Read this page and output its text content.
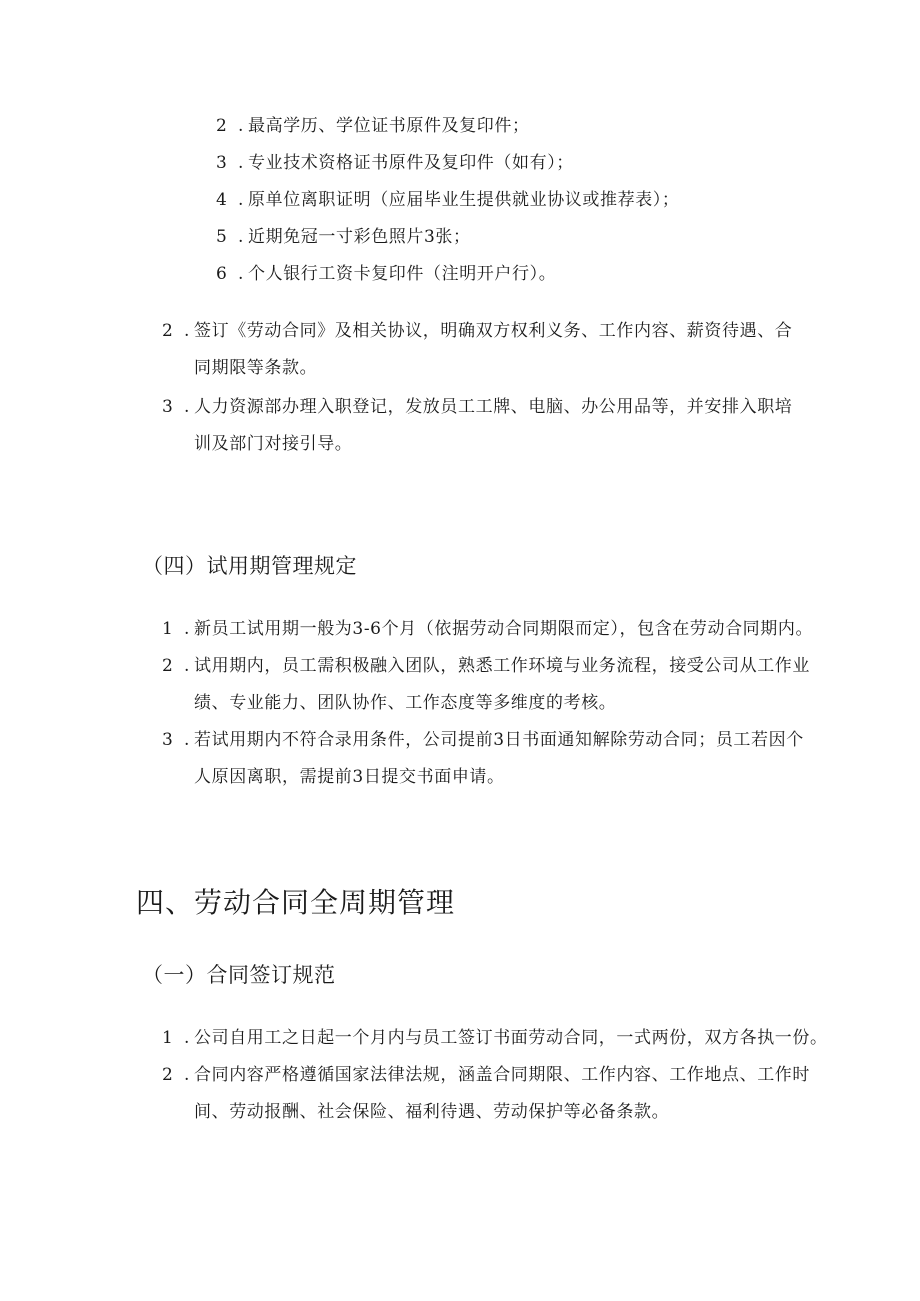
2 . 最高学历、学位证书原件及复印件；
3 . 专业技术资格证书原件及复印件（如有）；
4 . 原单位离职证明（应届毕业生提供就业协议或推荐表）；
5 . 近期免冠一寸彩色照片3张；
6 . 个人银行工资卡复印件（注明开户行）。
2 . 签订《劳动合同》及相关协议，明确双方权利义务、工作内容、薪资待遇、合
同期限等条款。
3 . 人力资源部办理入职登记，发放员工工牌、电脑、办公用品等，并安排入职培
训及部门对接引导。
（四）试用期管理规定
1 . 新员工试用期一般为3-6个月（依据劳动合同期限而定），包含在劳动合同期内。
2 . 试用期内，员工需积极融入团队，熟悉工作环境与业务流程，接受公司从工作业
绩、专业能力、团队协作、工作态度等多维度的考核。
3 . 若试用期内不符合录用条件，公司提前3日书面通知解除劳动合同；员工若因个
人原因离职，需提前3日提交书面申请。
四、劳动合同全周期管理
（一）合同签订规范
1 . 公司自用工之日起一个月内与员工签订书面劳动合同，一式两份，双方各执一份。
2 . 合同内容严格遵循国家法律法规，涵盖合同期限、工作内容、工作地点、工作时
间、劳动报酬、社会保险、福利待遇、劳动保护等必备条款。
